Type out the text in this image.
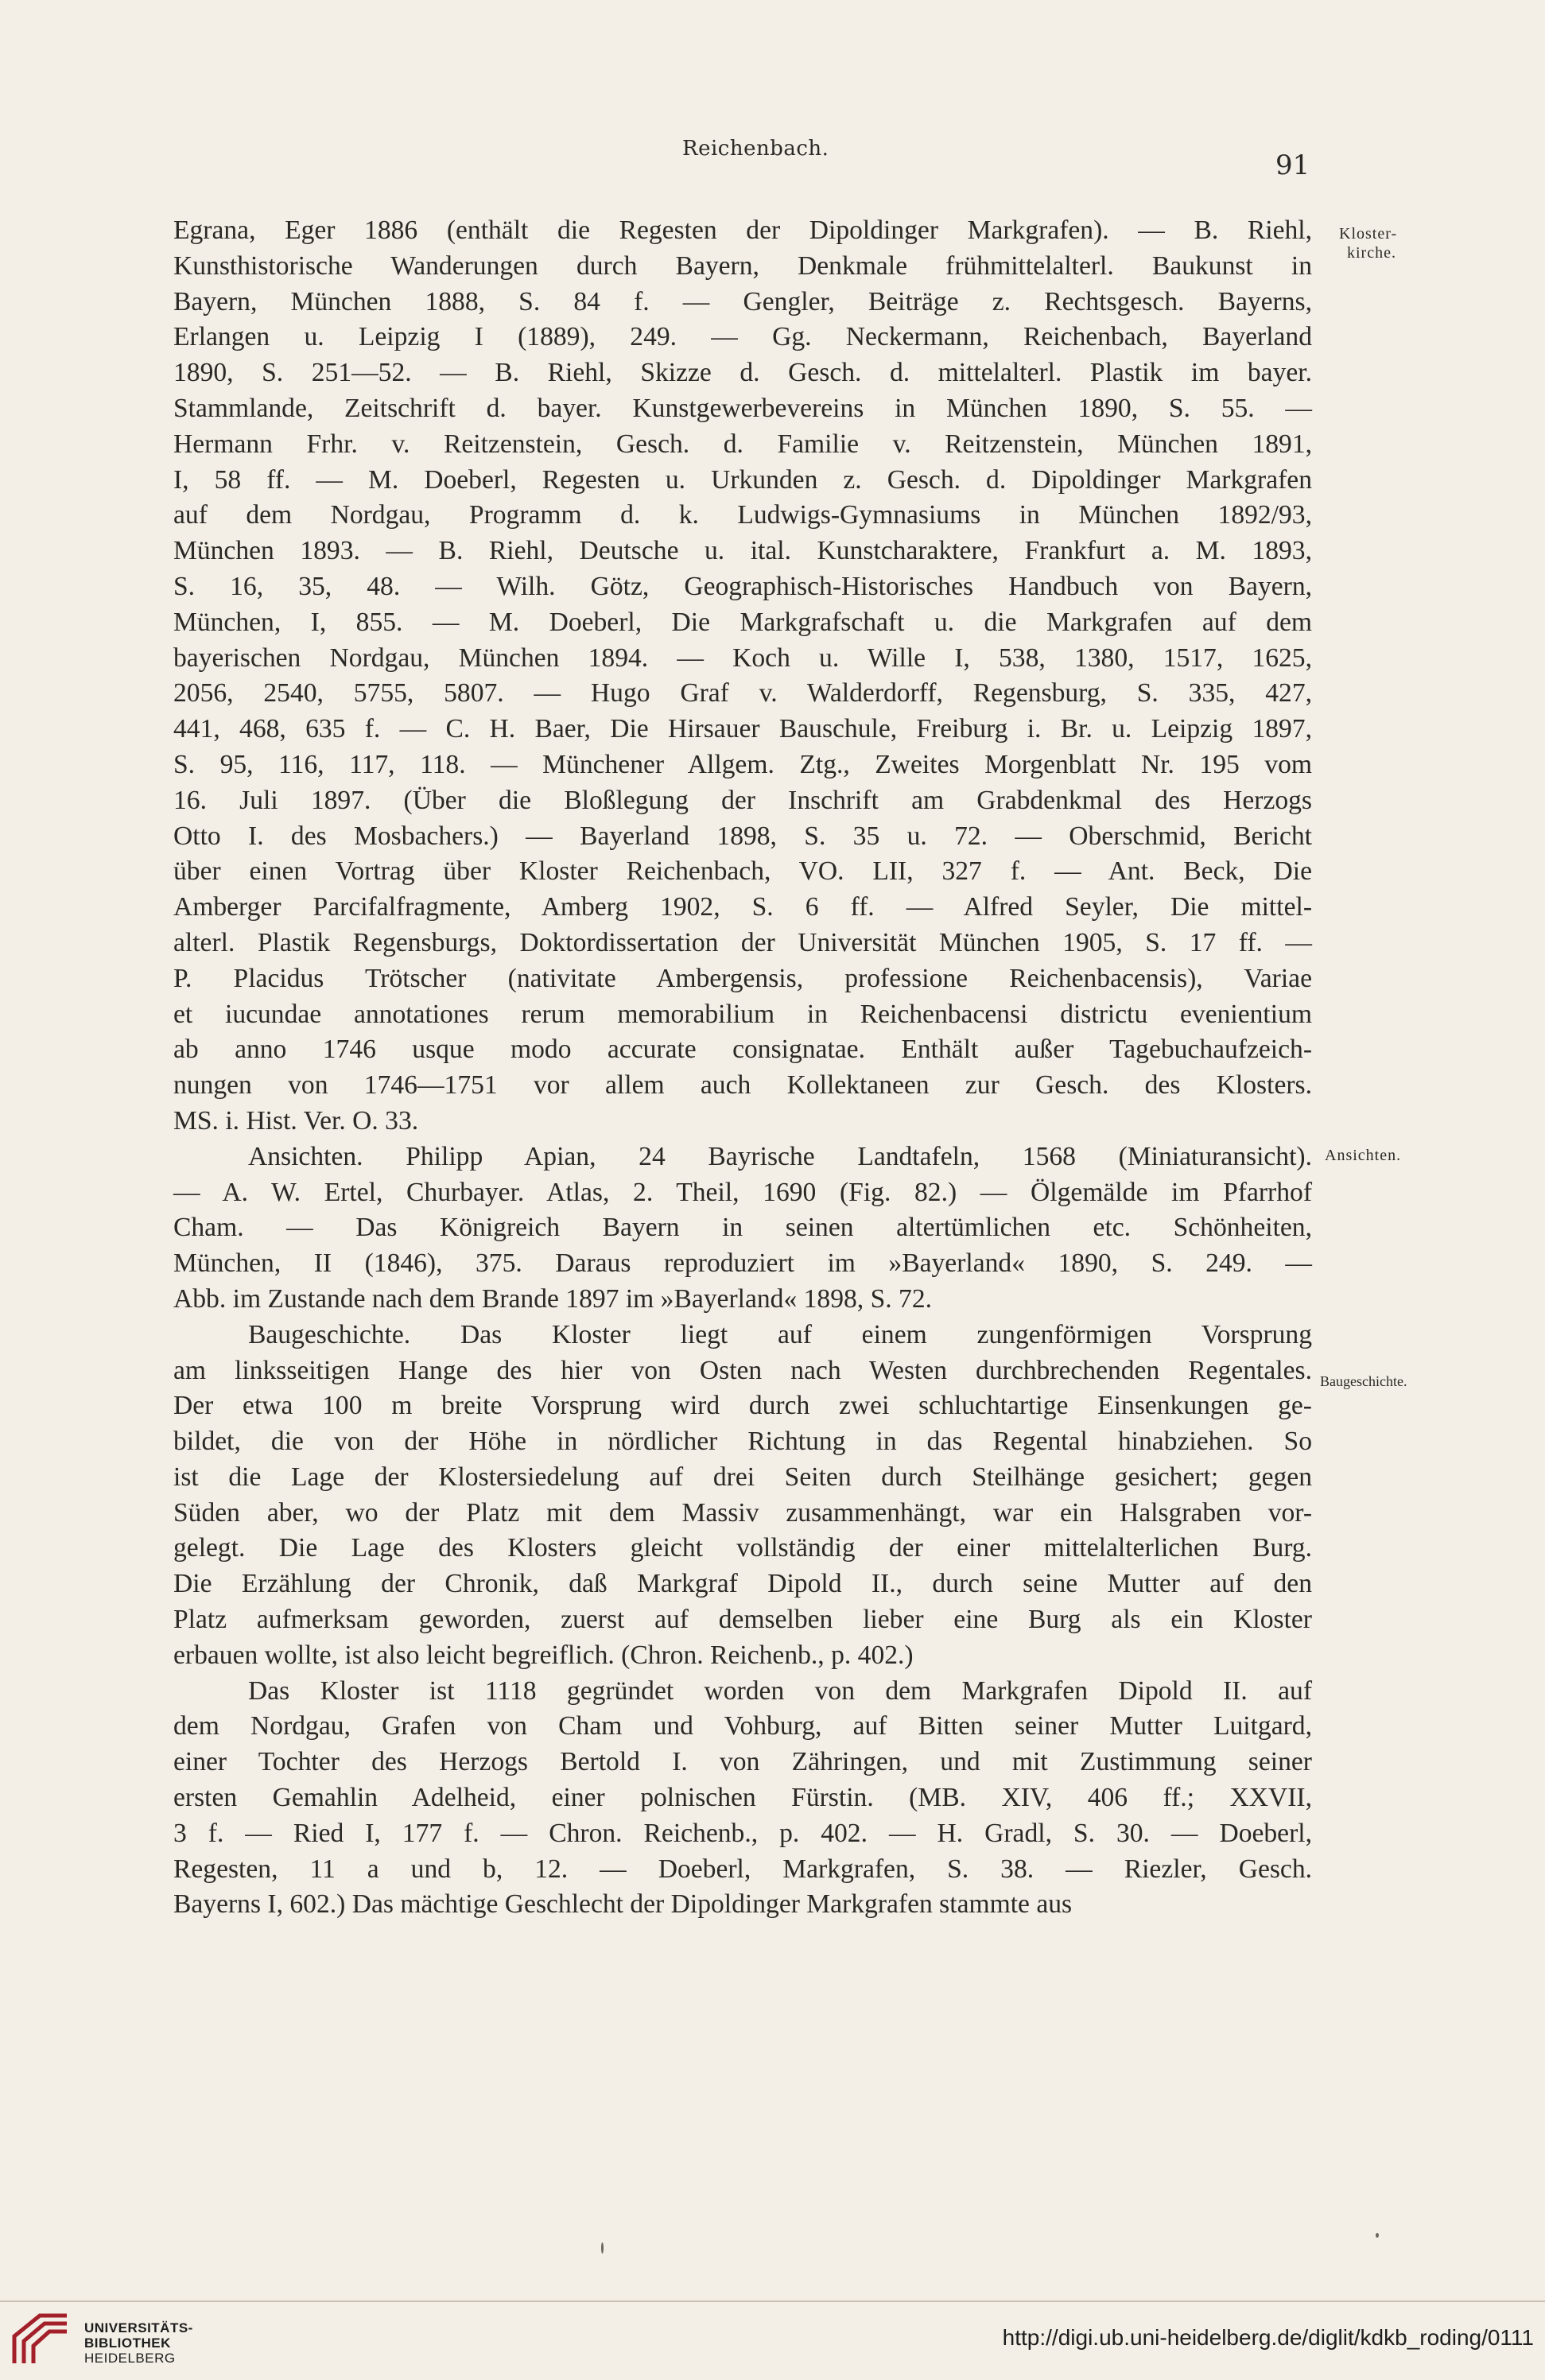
Reichenbach.
91
Kloster-
kirche.
Ansichten.
Baugeschichte.
Egrana, Eger 1886 (enthält die Regesten der Dipoldinger Markgrafen). — B. Riehl,
Kunsthistorische Wanderungen durch Bayern, Denkmale frühmittelalterl. Baukunst in
Bayern, München 1888, S. 84 f. — Gengler, Beiträge z. Rechtsgesch. Bayerns,
Erlangen u. Leipzig I (1889), 249. — Gg. Neckermann, Reichenbach, Bayerland
1890, S. 251—52. — B. Riehl, Skizze d. Gesch. d. mittelalterl. Plastik im bayer.
Stammlande, Zeitschrift d. bayer. Kunstgewerbevereins in München 1890, S. 55. —
Hermann Frhr. v. Reitzenstein, Gesch. d. Familie v. Reitzenstein, München 1891,
I, 58 ff. — M. Doeberl, Regesten u. Urkunden z. Gesch. d. Dipoldinger Markgrafen
auf dem Nordgau, Programm d. k. Ludwigs-Gymnasiums in München 1892/93,
München 1893. — B. Riehl, Deutsche u. ital. Kunstcharaktere, Frankfurt a. M. 1893,
S. 16, 35, 48. — Wilh. Götz, Geographisch-Historisches Handbuch von Bayern,
München, I, 855. — M. Doeberl, Die Markgrafschaft u. die Markgrafen auf dem
bayerischen Nordgau, München 1894. — Koch u. Wille I, 538, 1380, 1517, 1625,
2056, 2540, 5755, 5807. — Hugo Graf v. Walderdorff, Regensburg, S. 335, 427,
441, 468, 635 f. — C. H. Baer, Die Hirsauer Bauschule, Freiburg i. Br. u. Leipzig 1897,
S. 95, 116, 117, 118. — Münchener Allgem. Ztg., Zweites Morgenblatt Nr. 195 vom
16. Juli 1897. (Über die Bloßlegung der Inschrift am Grabdenkmal des Herzogs
Otto I. des Mosbachers.) — Bayerland 1898, S. 35 u. 72. — Oberschmid, Bericht
über einen Vortrag über Kloster Reichenbach, VO. LII, 327 f. — Ant. Beck, Die
Amberger Parcifalfragmente, Amberg 1902, S. 6 ff. — Alfred Seyler, Die mittel-
alterl. Plastik Regensburgs, Doktordissertation der Universität München 1905, S. 17 ff. —
P. Placidus Trötscher (nativitate Ambergensis, professione Reichenbacensis), Variae
et iucundae annotationes rerum memorabilium in Reichenbacensi districtu evenientium
ab anno 1746 usque modo accurate consignatae. Enthält außer Tagebuchaufzeich-
nungen von 1746—1751 vor allem auch Kollektaneen zur Gesch. des Klosters.
MS. i. Hist. Ver. O. 33.
Ansichten. Philipp Apian, 24 Bayrische Landtafeln, 1568 (Miniaturansicht).
— A. W. Ertel, Churbayer. Atlas, 2. Theil, 1690 (Fig. 82.) — Ölgemälde im Pfarrhof
Cham. — Das Königreich Bayern in seinen altertümlichen etc. Schönheiten,
München, II (1846), 375. Daraus reproduziert im »Bayerland« 1890, S. 249. —
Abb. im Zustande nach dem Brande 1897 im »Bayerland« 1898, S. 72.
Baugeschichte. Das Kloster liegt auf einem zungenförmigen Vorsprung
am linksseitigen Hange des hier von Osten nach Westen durchbrechenden Regentales.
Der etwa 100 m breite Vorsprung wird durch zwei schluchtartige Einsenkungen ge-
bildet, die von der Höhe in nördlicher Richtung in das Regental hinabziehen. So
ist die Lage der Klostersiedelung auf drei Seiten durch Steilhänge gesichert; gegen
Süden aber, wo der Platz mit dem Massiv zusammenhängt, war ein Halsgraben vor-
gelegt. Die Lage des Klosters gleicht vollständig der einer mittelalterlichen Burg.
Die Erzählung der Chronik, daß Markgraf Dipold II., durch seine Mutter auf den
Platz aufmerksam geworden, zuerst auf demselben lieber eine Burg als ein Kloster
erbauen wollte, ist also leicht begreiflich. (Chron. Reichenb., p. 402.)
Das Kloster ist 1118 gegründet worden von dem Markgrafen Dipold II. auf
dem Nordgau, Grafen von Cham und Vohburg, auf Bitten seiner Mutter Luitgard,
einer Tochter des Herzogs Bertold I. von Zähringen, und mit Zustimmung seiner
ersten Gemahlin Adelheid, einer polnischen Fürstin. (MB. XIV, 406 ff.; XXVII,
3 f. — Ried I, 177 f. — Chron. Reichenb., p. 402. — H. Gradl, S. 30. — Doeberl,
Regesten, 11 a und b, 12. — Doeberl, Markgrafen, S. 38. — Riezler, Gesch.
Bayerns I, 602.) Das mächtige Geschlecht der Dipoldinger Markgrafen stammte aus
UNIVERSITÄTS-
BIBLIOTHEK
HEIDELBERG
http://digi.ub.uni-heidelberg.de/diglit/kdkb_roding/0111
